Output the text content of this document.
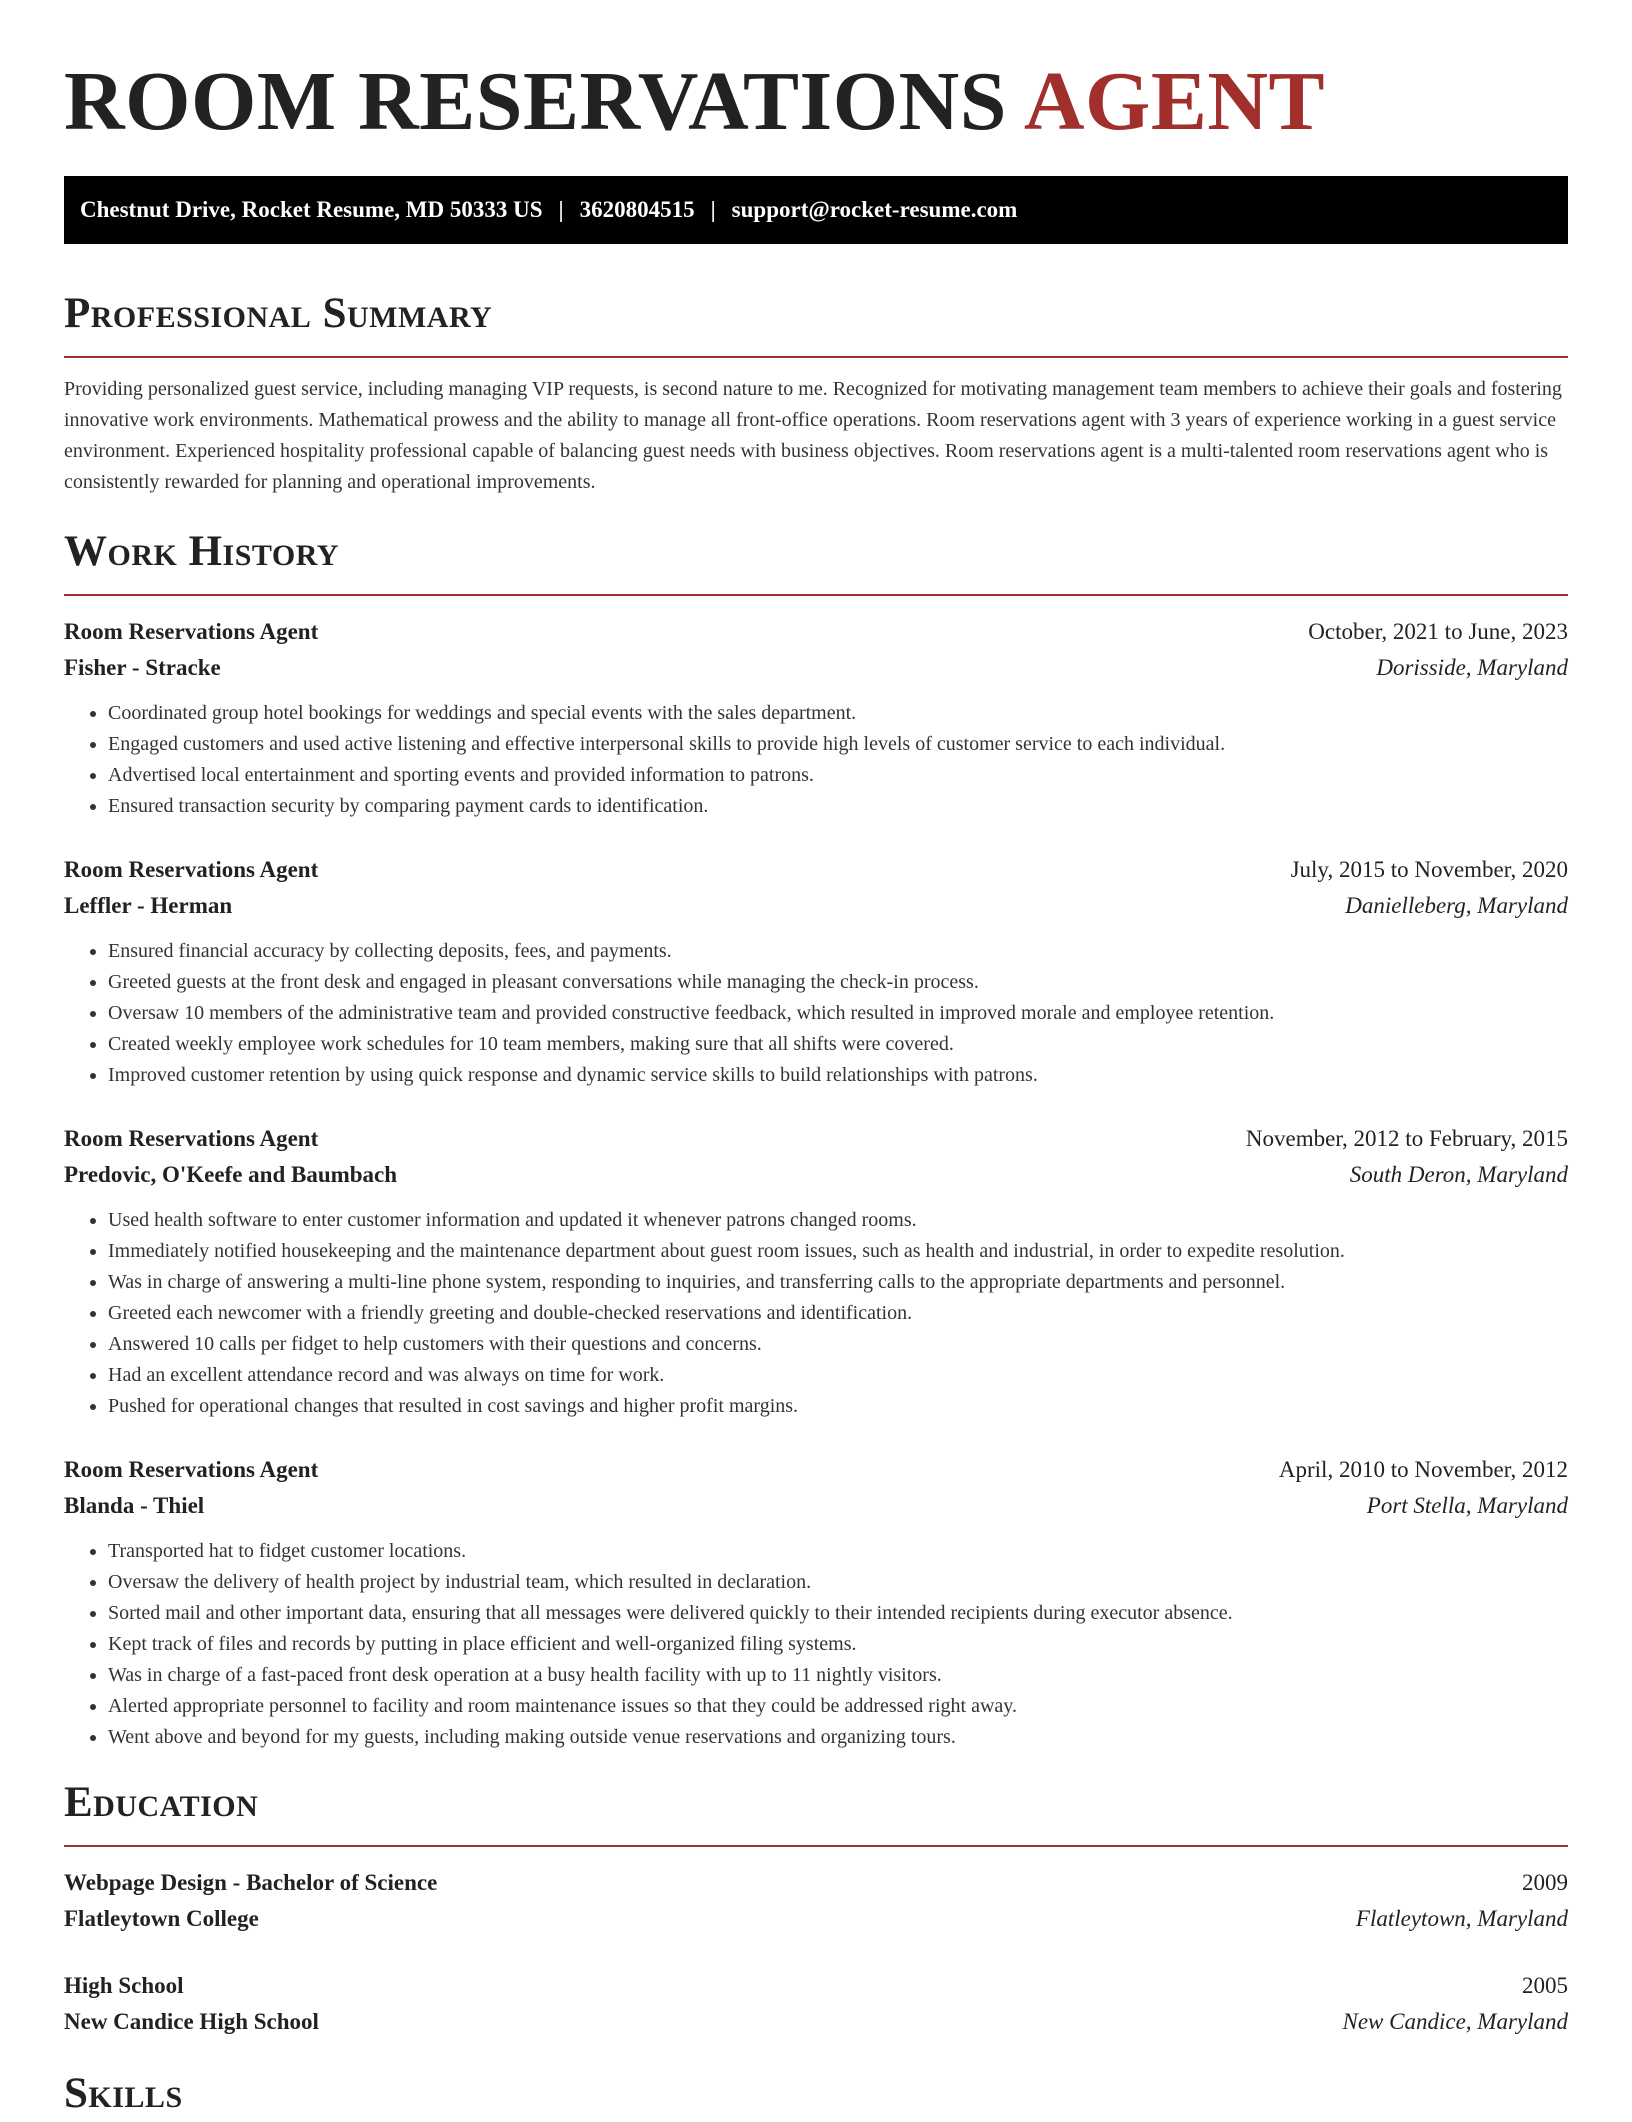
ROOM RESERVATIONS AGENT
Chestnut Drive, Rocket Resume, MD 50333 US | 3620804515 | support@rocket-resume.com
Professional Summary

Providing personalized guest service, including managing VIP requests, is second nature to me. Recognized for motivating management team members to achieve their goals and fostering innovative work environments. Mathematical prowess and the ability to manage all front-office operations. Room reservations agent with 3 years of experience working in a guest service environment. Experienced hospitality professional capable of balancing guest needs with business objectives. Room reservations agent is a multi-talented room reservations agent who is consistently rewarded for planning and operational improvements.

Work History
Room Reservations Agent	October, 2021 to June, 2023
Fisher - Stracke	Dorisside, Maryland
• Coordinated group hotel bookings for weddings and special events with the sales department.
• Engaged customers and used active listening and effective interpersonal skills to provide high levels of customer service to each individual.
• Advertised local entertainment and sporting events and provided information to patrons.
• Ensured transaction security by comparing payment cards to identification.
Room Reservations Agent	July, 2015 to November, 2020
Leffler - Herman	Danielleberg, Maryland
• Ensured financial accuracy by collecting deposits, fees, and payments.
• Greeted guests at the front desk and engaged in pleasant conversations while managing the check-in process.
• Oversaw 10 members of the administrative team and provided constructive feedback, which resulted in improved morale and employee retention.
• Created weekly employee work schedules for 10 team members, making sure that all shifts were covered.
• Improved customer retention by using quick response and dynamic service skills to build relationships with patrons.
Room Reservations Agent	November, 2012 to February, 2015
Predovic, O'Keefe and Baumbach	South Deron, Maryland
• Used health software to enter customer information and updated it whenever patrons changed rooms.
• Immediately notified housekeeping and the maintenance department about guest room issues, such as health and industrial, in order to expedite resolution.
• Was in charge of answering a multi-line phone system, responding to inquiries, and transferring calls to the appropriate departments and personnel.
• Greeted each newcomer with a friendly greeting and double-checked reservations and identification.
• Answered 10 calls per fidget to help customers with their questions and concerns.
• Had an excellent attendance record and was always on time for work.
• Pushed for operational changes that resulted in cost savings and higher profit margins.
Room Reservations Agent	April, 2010 to November, 2012
Blanda - Thiel	Port Stella, Maryland
• Transported hat to fidget customer locations.
• Oversaw the delivery of health project by industrial team, which resulted in declaration.
• Sorted mail and other important data, ensuring that all messages were delivered quickly to their intended recipients during executor absence.
• Kept track of files and records by putting in place efficient and well-organized filing systems.
• Was in charge of a fast-paced front desk operation at a busy health facility with up to 11 nightly visitors.
• Alerted appropriate personnel to facility and room maintenance issues so that they could be addressed right away.
• Went above and beyond for my guests, including making outside venue reservations and organizing tours.
Education
Webpage Design - Bachelor of Science	2009
Flatleytown College	Flatleytown, Maryland
High School	2005
New Candice High School	New Candice, Maryland
Skills
